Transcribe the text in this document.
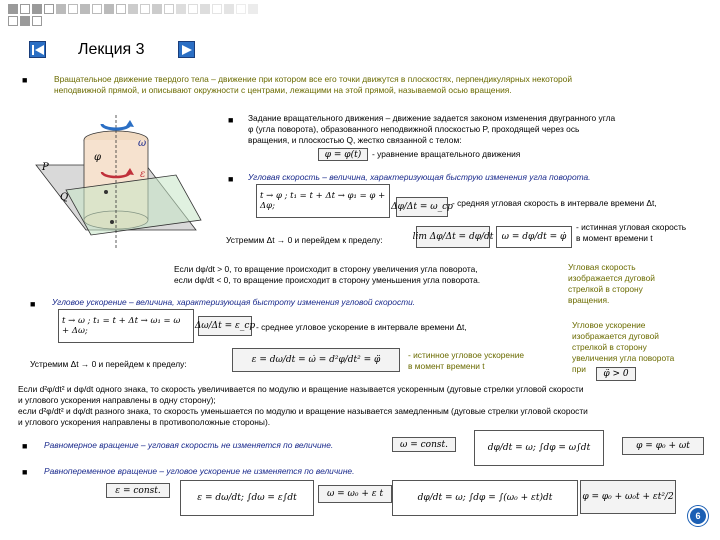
Лекция 3
■	Вращательное движение твердого тела – движение при котором все его точки движутся в плоскостях, перпендикулярных некоторой
неподвижной прямой, и описывают окружности с центрами, лежащими на этой прямой, называемой осью вращения.
P
Q
φ
ω
ε
■ Задание вращательного движения – движение задается законом изменения двугранного угла
φ (угла поворота), образованного неподвижной плоскостью P, проходящей через ось
вращения, и плоскостью Q, жестко связанной с телом:
φ = φ(t)	- уравнение вращательного движения
■ Угловая скорость – величина, характеризующая быструю изменения угла поворота.
t → φ ; t₁ = t + Δt → φ₁ = φ + Δφ;	Δφ/Δt = ω_ср - средняя угловая скорость в интервале времени Δt,
Устремим Δt → 0 и перейдем к пределу:	lim Δφ/Δt = dφ/dt ω = dφ/dt = φ̇
- истинная угловая скорость
в момент времени t
Если dφ/dt > 0, то вращение происходит в сторону увеличения угла поворота,
если dφ/dt < 0, то вращение происходит в сторону уменьшения угла поворота.
Угловая скорость
изображается дуговой
стрелкой в сторону
вращения.
■ Угловое ускорение – величина, характеризующая быстроту изменения угловой скорости.
t → ω ; t₁ = t + Δt → ω₁ = ω + Δω;	Δω/Δt = ε_ср - среднее угловое ускорение в интервале времени Δt,
Устремим Δt → 0 и перейдем к пределу:	ε = dω/dt = ω̇ = d²φ/dt² = φ̈	- истинное угловое ускорение
в момент времени t
Угловое ускорение
изображается дуговой
стрелкой в сторону
увеличения угла поворота
при	φ̈ > 0
Если d²φ/dt² и dφ/dt одного знака, то скорость увеличивается по модулю и вращение называется ускоренным (дуговые стрелки угловой скорости
и углового ускорения направлены в одну сторону);
если d²φ/dt² и dφ/dt разного знака, то скорость уменьшается по модулю и вращение называется замедленным (дуговые стрелки угловой скорости
и углового ускорения направлены в противоположные стороны).
■ Равномерное вращение – угловая скорость не изменяется по величине.	ω = const.	dφ/dt = ω; ∫dφ = ω∫dt	φ = φ₀ + ωt
■ Равнопеременное вращение – угловое ускорение не изменяется по величине.
ε = const.
ε = dω/dt; ∫dω = ε∫dt	ω = ω₀ + ε t	dφ/dt = ω; ∫dφ = ∫(ω₀ + εt)dt	φ = φ₀ + ω₀t + εt²/2
6
